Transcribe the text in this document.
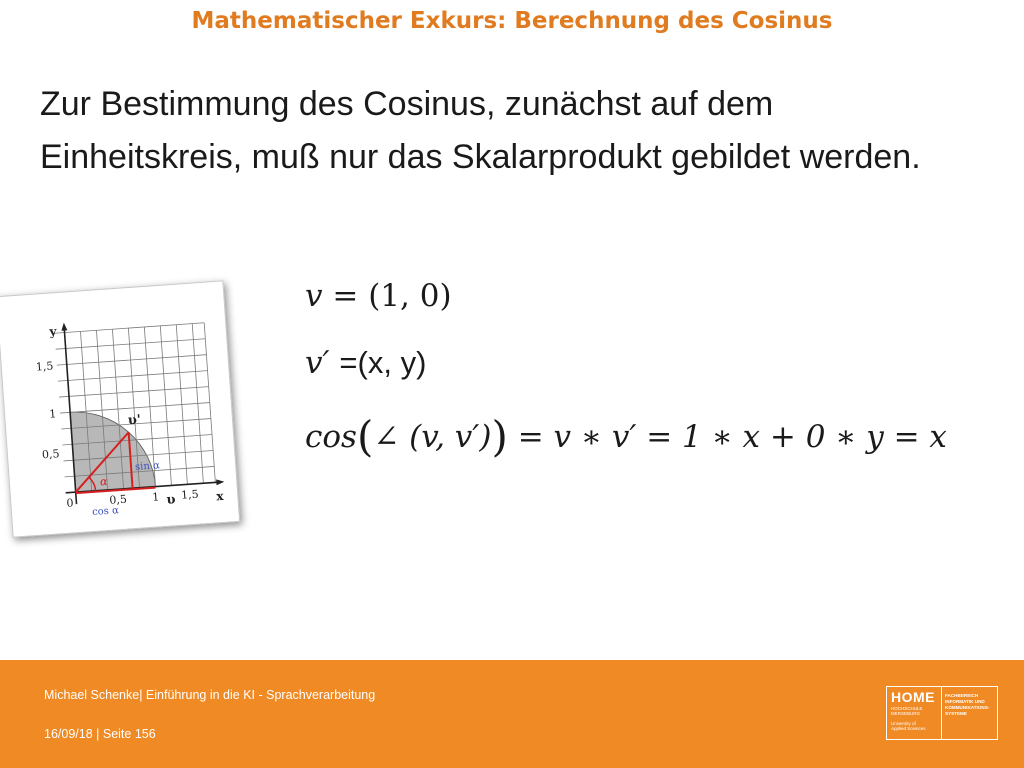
Mathematischer Exkurs: Berechnung des Cosinus

Zur Bestimmung des Cosinus, zunächst auf dem Einheitskreis, muß nur das Skalarprodukt gebildet werden.

v = (1, 0)
v′ =(x, y)
cos(∠ (v, v′)) = v ∗ v′ = 1 ∗ x + 0 ∗ y = x
y
x
1,5
1
0,5
0	0,5 1 1,5
υ
υ'
α
sin α
cos α
Michael Schenke| Einführung in die KI - Sprachverarbeitung
16/09/18 | Seite 156
HOME
HOCHSCHULE
MERSEBURG
University of
Applied Sciences
FACHBEREICH
INFORMATIK UND
KOMMUNIKATIONS-
SYSTEME
